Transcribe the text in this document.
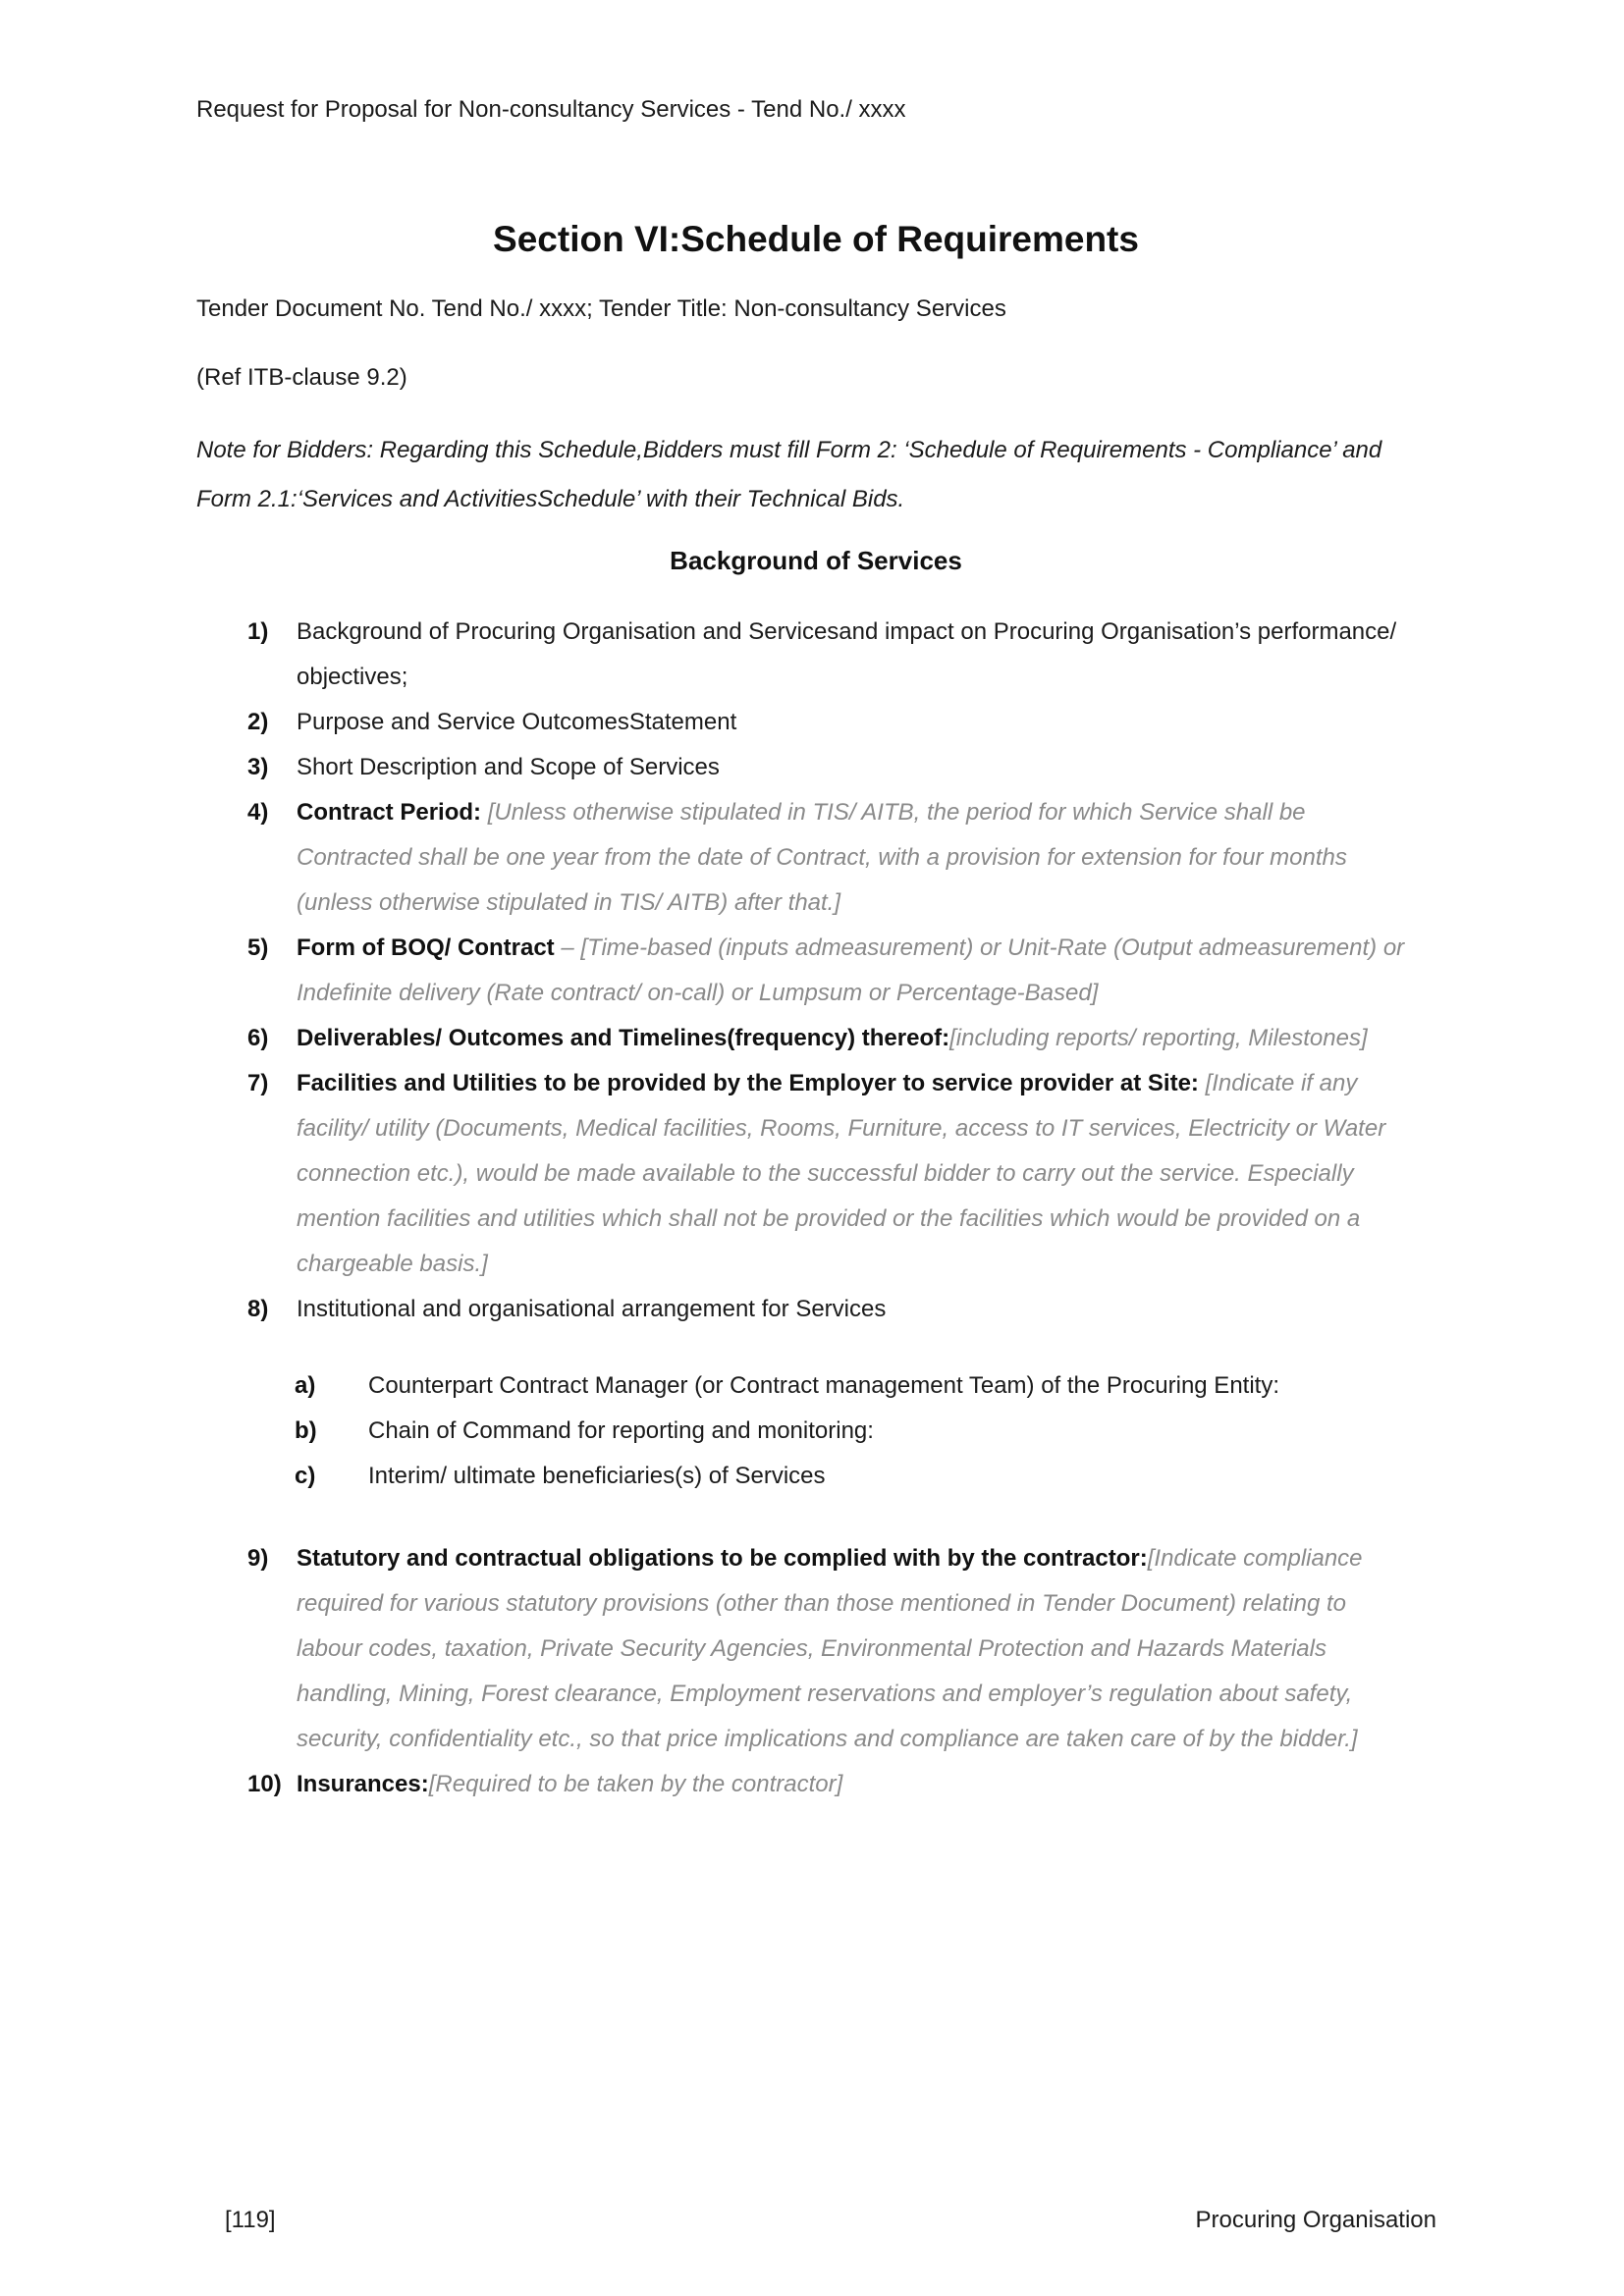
Request for Proposal for Non-consultancy Services - Tend No./ xxxx
Section VI:Schedule of Requirements

Tender Document No. Tend No./ xxxx; Tender Title: Non-consultancy Services

(Ref ITB-clause 9.2)

Note for Bidders: Regarding this Schedule,Bidders must fill Form 2: ‘Schedule of Requirements - Compliance’ and Form 2.1:‘Services and ActivitiesSchedule’ with their Technical Bids.

Background of Services
1)	Background of Procuring Organisation and Servicesand impact on Procuring Organisation’s performance/ objectives;
2)	Purpose and Service OutcomesStatement
3)	Short Description and Scope of Services
4)	Contract Period: [Unless otherwise stipulated in TIS/ AITB, the period for which Service shall be Contracted shall be one year from the date of Contract, with a provision for extension for four months (unless otherwise stipulated in TIS/ AITB) after that.]
5)	Form of BOQ/ Contract – [Time-based (inputs admeasurement) or Unit-Rate (Output admeasurement) or Indefinite delivery (Rate contract/ on-call) or Lumpsum or Percentage-Based]
6)	Deliverables/ Outcomes and Timelines(frequency) thereof:[including reports/ reporting, Milestones]
7)	Facilities and Utilities to be provided by the Employer to service provider at Site: [Indicate if any facility/ utility (Documents, Medical facilities, Rooms, Furniture, access to IT services, Electricity or Water connection etc.), would be made available to the successful bidder to carry out the service. Especially mention facilities and utilities which shall not be provided or the facilities which would be provided on a chargeable basis.]
8)	Institutional and organisational arrangement for Services
a)	Counterpart Contract Manager (or Contract management Team) of the Procuring Entity:
b)	Chain of Command for reporting and monitoring:
c)	Interim/ ultimate beneficiaries(s) of Services
9)	Statutory and contractual obligations to be complied with by the contractor:[Indicate compliance required for various statutory provisions (other than those mentioned in Tender Document) relating to labour codes, taxation, Private Security Agencies, Environmental Protection and Hazards Materials handling, Mining, Forest clearance, Employment reservations and employer’s regulation about safety, security, confidentiality etc., so that price implications and compliance are taken care of by the bidder.]
10) Insurances:[Required to be taken by the contractor]
[119]	Procuring Organisation
